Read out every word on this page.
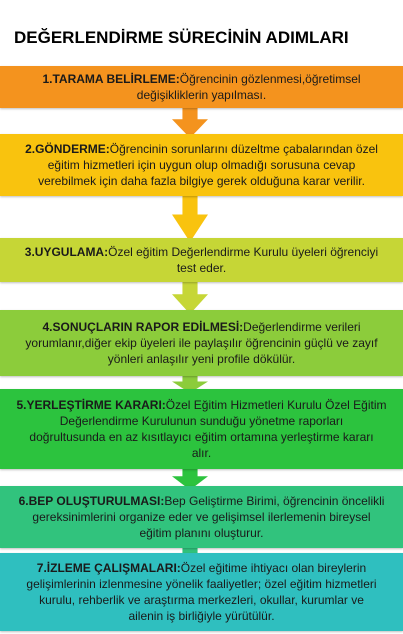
DEĞERLENDİRME SÜRECİNİN ADIMLARI
1.TARAMA BELİRLEME:Öğrencinin gözlenmesi,öğretimsel
değişikliklerin yapılması.
2.GÖNDERME:Öğrencinin sorunlarını düzeltme çabalarından özel
eğitim hizmetleri için uygun olup olmadığı sorusuna cevap
verebilmek için daha fazla bilgiye gerek olduğuna karar verilir.
3.UYGULAMA:Özel eğitim Değerlendirme Kurulu üyeleri öğrenciyi
test eder.
4.SONUÇLARIN RAPOR EDİLMESİ:Değerlendirme verileri
yorumlanır,diğer ekip üyeleri ile paylaşılır öğrencinin güçlü ve zayıf
yönleri anlaşılır yeni profile dökülür.
5.YERLEŞTİRME KARARI:Özel Eğitim Hizmetleri Kurulu Özel Eğitim
Değerlendirme Kurulunun sunduğu yönetme raporları
doğrultusunda en az kısıtlayıcı eğitim ortamına yerleştirme kararı
alır.
6.BEP OLUŞTURULMASI:Bep Geliştirme Birimi, öğrencinin öncelikli
gereksinimlerini organize eder ve gelişimsel ilerlemenin bireysel
eğitim planını oluşturur.
7.İZLEME ÇALIŞMALARI:Özel eğitime ihtiyacı olan bireylerin
gelişimlerinin izlenmesine yönelik faaliyetler; özel eğitim hizmetleri
kurulu, rehberlik ve araştırma merkezleri, okullar, kurumlar ve
ailenin iş birliğiyle yürütülür.
